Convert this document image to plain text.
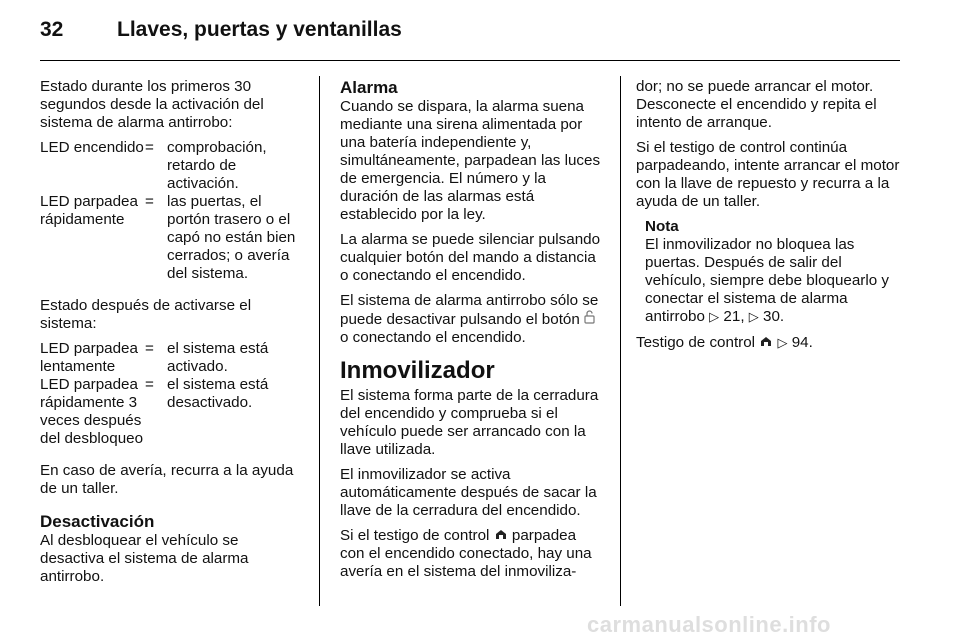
32	Llaves, puertas y ventanillas

Estado durante los primeros 30 segundos desde la activación del sistema de alarma antirrobo:

LED encendido = comprobación, retardo de activación.
LED parpadea rápidamente
= las puertas, el portón trasero o el capó no están bien cerrados; o avería del sistema.

Estado después de activarse el sistema:

LED parpadea lentamente
= el sistema está activado.
LED parpadea rápidamente 3 veces después del desbloqueo
= el sistema está desactivado.

En caso de avería, recurra a la ayuda de un taller.

Desactivación

Al desbloquear el vehículo se desactiva el sistema de alarma antirrobo.

Alarma

Cuando se dispara, la alarma suena mediante una sirena alimentada por una batería independiente y, simultáneamente, parpadean las luces de emergencia. El número y la duración de las alarmas está establecido por la ley.

La alarma se puede silenciar pulsando cualquier botón del mando a distancia o conectando el encendido.

El sistema de alarma antirrobo sólo se puede desactivar pulsando el botón  o conectando el encendido.

Inmovilizador

El sistema forma parte de la cerradura del encendido y comprueba si el vehículo puede ser arrancado con la llave utilizada.

El inmovilizador se activa automáticamente después de sacar la llave de la cerradura del encendido.

Si el testigo de control  parpadea con el encendido conectado, hay una avería en el sistema del inmoviliza-

dor; no se puede arrancar el motor. Desconecte el encendido y repita el intento de arranque.

Si el testigo de control continúa parpadeando, intente arrancar el motor con la llave de repuesto y recurra a la ayuda de un taller.

Nota
El inmovilizador no bloquea las puertas. Después de salir del vehículo, siempre debe bloquearlo y conectar el sistema de alarma antirrobo ▷ 21, ▷ 30.

Testigo de control  ▷ 94.

carmanualsonline.info
